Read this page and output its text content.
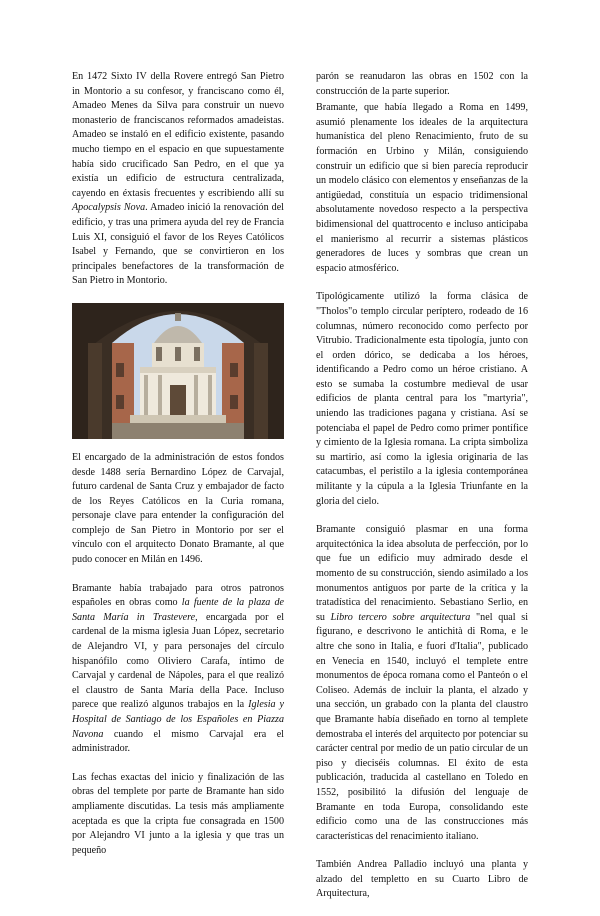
En 1472 Sixto IV della Rovere entregó San Pietro in Montorio a su confesor, y franciscano como él, Amadeo Menes da Silva para construir un nuevo monasterio de franciscanos reformados amadeistas. Amadeo se instaló en el edificio existente, pasando mucho tiempo en el espacio en que supuestamente había sido crucificado San Pedro, en el que ya existía un edificio de estructura centralizada, cayendo en éxtasis frecuentes y escribiendo allí su Apocalypsis Nova. Amadeo inició la renovación del edificio, y tras una primera ayuda del rey de Francia Luis XI, consiguió el favor de los Reyes Católicos Isabel y Fernando, que se convirtieron en los principales benefactores de la transformación de San Pietro in Montorio.

El encargado de la administración de estos fondos desde 1488 sería Bernardino López de Carvajal, futuro cardenal de Santa Cruz y embajador de facto de los Reyes Católicos en la Curia romana, personaje clave para entender la configuración del complejo de San Pietro in Montorio por ser el vínculo con el arquitecto Donato Bramante, al que pudo conocer en Milán en 1496.

Bramante había trabajado para otros patronos españoles en obras como la fuente de la plaza de Santa María in Trastevere, encargada por el cardenal de la misma iglesia Juan López, secretario de Alejandro VI, y para personajes del círculo hispanófilo como Oliviero Carafa, íntimo de Carvajal y cardenal de Nápoles, para el que realizó el claustro de Santa María della Pace. Incluso parece que realizó algunos trabajos en la Iglesia y Hospital de Santiago de los Españoles en Piazza Navona cuando el mismo Carvajal era el administrador.

Las fechas exactas del inicio y finalización de las obras del templete por parte de Bramante han sido ampliamente discutidas. La tesis más ampliamente aceptada es que la cripta fue consagrada en 1500 por Alejandro VI junto a la iglesia y que tras un pequeño

parón se reanudaron las obras en 1502 con la construcción de la parte superior.

Bramante, que había llegado a Roma en 1499, asumió plenamente los ideales de la arquitectura humanística del pleno Renacimiento, fruto de su formación en Urbino y Milán, consiguiendo construir un edificio que si bien parecía reproducir un modelo clásico con elementos y enseñanzas de la antigüedad, constituía un espacio tridimensional absolutamente novedoso respecto a la perspectiva bidimensional del quattrocento e incluso anticipaba el manierismo al recurrir a sistemas plásticos generadores de luces y sombras que crean un espacio atmosférico.

Tipológicamente utilizó la forma clásica de "Tholos"o templo circular períptero, rodeado de 16 columnas, número reconocido como perfecto por Vitrubio. Tradicionalmente esta tipología, junto con el orden dórico, se dedicaba a los héroes, identificando a Pedro como un héroe cristiano. A esto se sumaba la costumbre medieval de usar edificios de planta central para los "martyria", uniendo las tradiciones pagana y cristiana. Así se potenciaba el papel de Pedro como primer pontífice y cimiento de la Iglesia romana. La cripta simboliza su martirio, así como la iglesia originaria de las catacumbas, el peristilo a la iglesia contemporánea militante y la cúpula a la Iglesia Triunfante en la gloria del cielo.

Bramante consiguió plasmar en una forma arquitectónica la idea absoluta de perfección, por lo que fue un edificio muy admirado desde el momento de su construcción, siendo asimilado a los monumentos antiguos por parte de la crítica y la tratadística del renacimiento. Sebastiano Serlio, en su Libro tercero sobre arquitectura "nel qual si figurano, e descrivono le antichità di Roma, e le altre che sono in Italia, e fuori d'Italia", publicado en Venecia en 1540, incluyó el templete entre monumentos de época romana como el Panteón o el Coliseo. Además de incluir la planta, el alzado y una sección, un grabado con la planta del claustro que Bramante había diseñado en torno al templete demostraba el interés del arquitecto por potenciar su carácter central por medio de un patio circular de un piso y dieciséis columnas. El éxito de esta publicación, traducida al castellano en Toledo en 1552, posibilitó la difusión del lenguaje de Bramante en toda Europa, consolidando este edificio como una de las construcciones más características del renacimiento italiano.

También Andrea Palladio incluyó una planta y alzado del templetto en su Cuarto Libro de Arquitectura,
